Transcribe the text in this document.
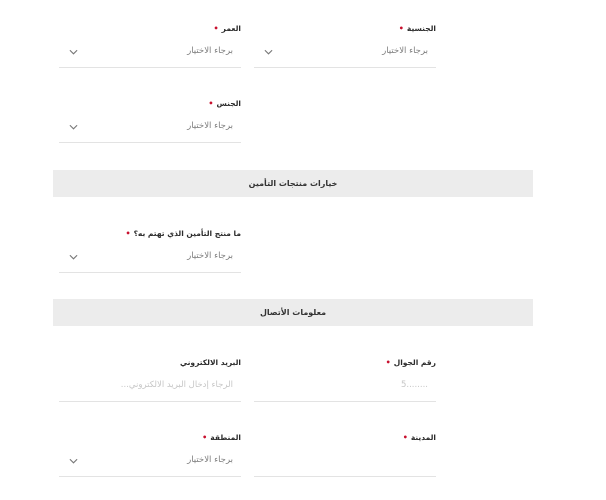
الجنسية•
برجاء الاختيار
العمر•
برجاء الاختيار
الجنس•
برجاء الاختيار
خيارات منتجات التأمين
ما منتج التأمين الذي تهتم به؟•
برجاء الاختيار
معلومات الأتصال
رقم الجوال•
........5
البريد الالكتروني
الرجاء إدخال البريد الالكتروني...
المدينة•
المنطقة•
برجاء الاختيار
